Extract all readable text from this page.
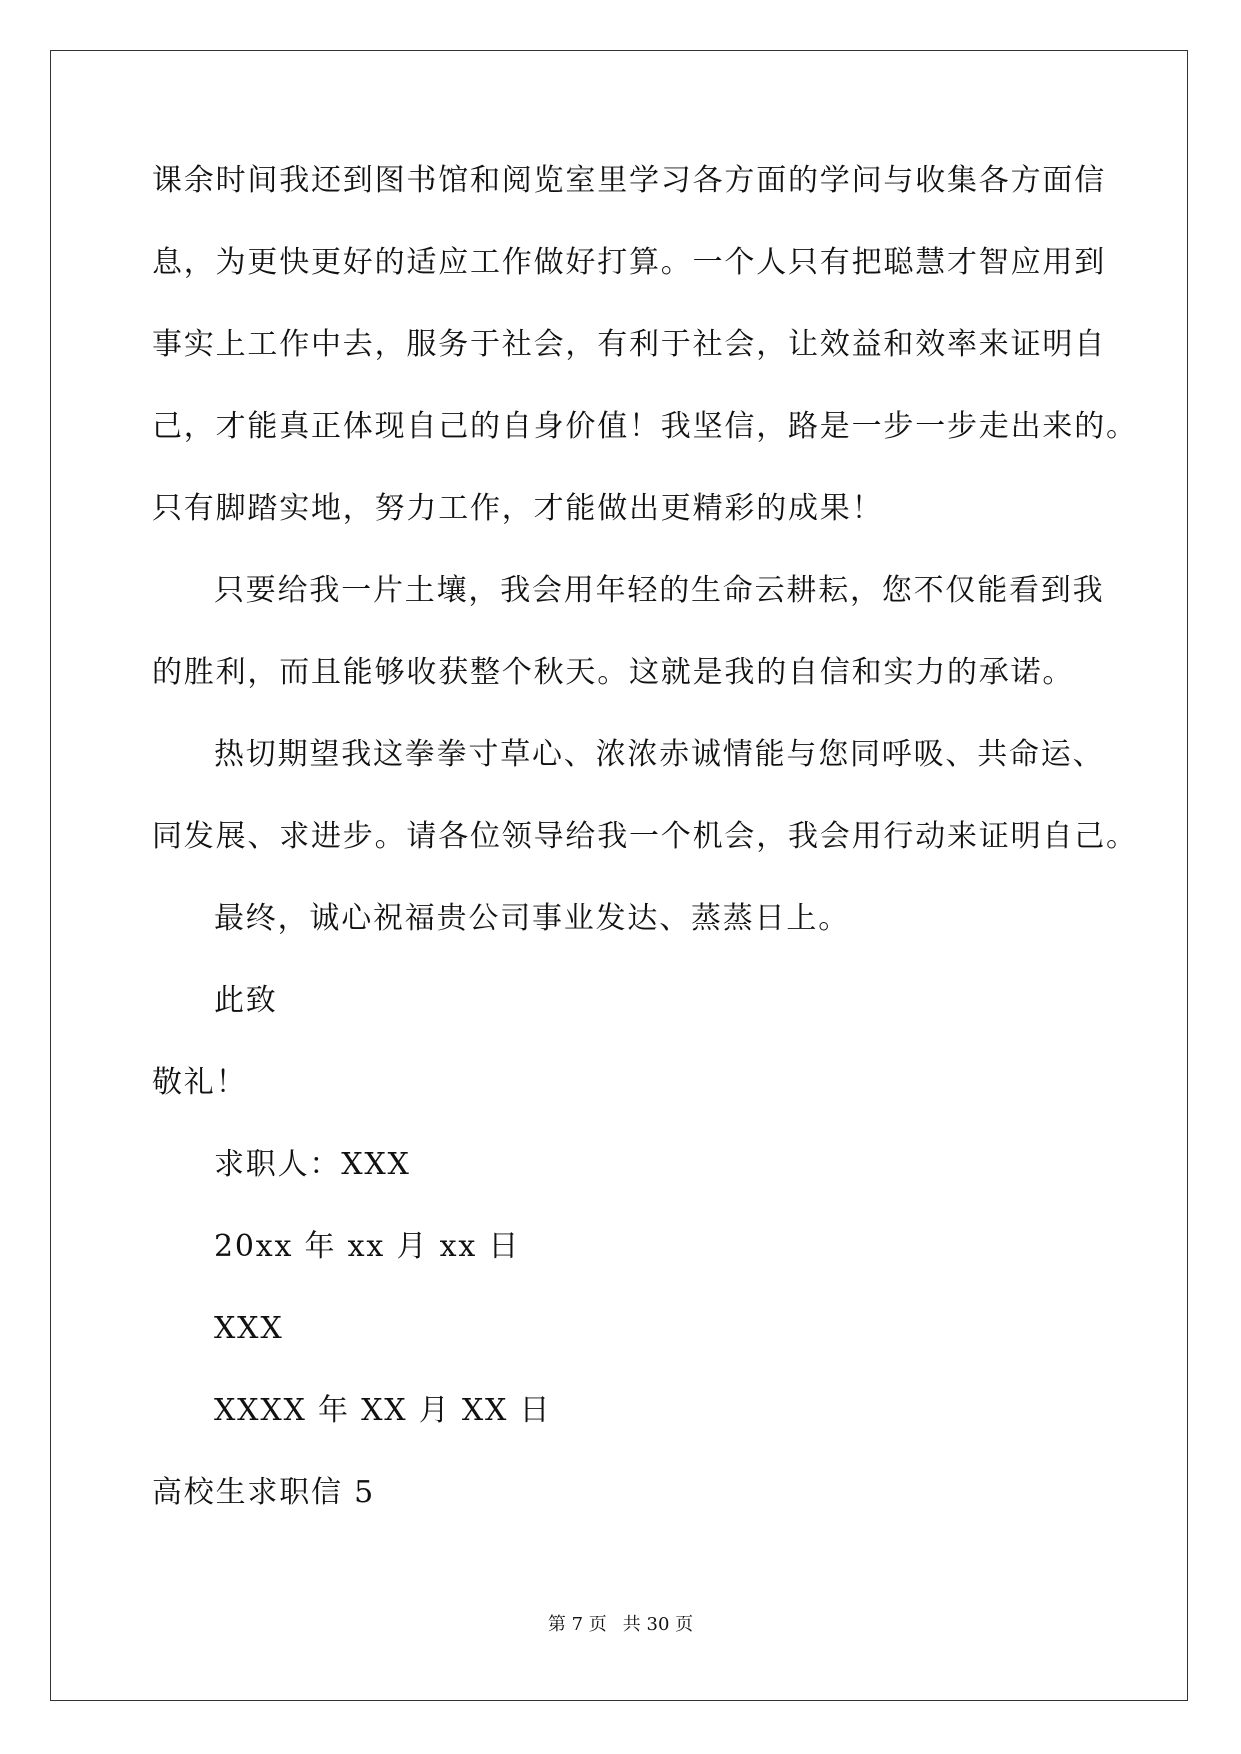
课余时间我还到图书馆和阅览室里学习各方面的学问与收集各方面信

息，为更快更好的适应工作做好打算。一个人只有把聪慧才智应用到

事实上工作中去，服务于社会，有利于社会，让效益和效率来证明自

己，才能真正体现自己的自身价值！我坚信，路是一步一步走出来的。

只有脚踏实地，努力工作，才能做出更精彩的成果！

只要给我一片土壤，我会用年轻的生命云耕耘，您不仅能看到我

的胜利，而且能够收获整个秋天。这就是我的自信和实力的承诺。

热切期望我这拳拳寸草心、浓浓赤诚情能与您同呼吸、共命运、

同发展、求进步。请各位领导给我一个机会，我会用行动来证明自己。

最终，诚心祝福贵公司事业发达、蒸蒸日上。

此致

敬礼！

求职人：XXX

20xx 年 xx 月 xx 日

XXX

XXXX 年 XX 月 XX 日

高校生求职信 5

第 7 页 共 30 页
